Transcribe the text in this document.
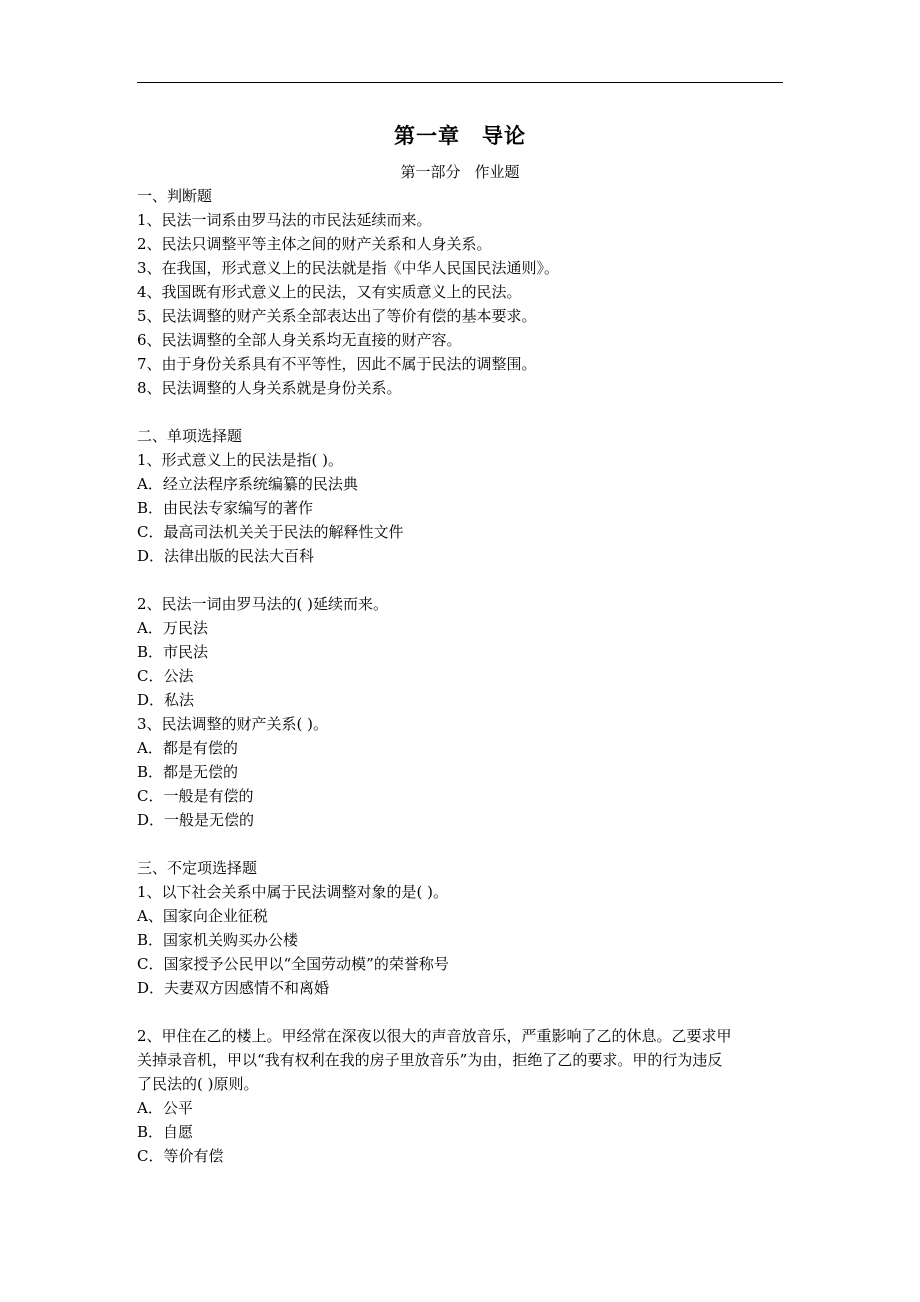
第一章 导论
第一部分 作业题
一、判断题
1、民法一词系由罗马法的市民法延续而来。
2、民法只调整平等主体之间的财产关系和人身关系。
3、在我国，形式意义上的民法就是指《中华人民国民法通则》。
4、我国既有形式意义上的民法，又有实质意义上的民法。
5、民法调整的财产关系全部表达出了等价有偿的基本要求。
6、民法调整的全部人身关系均无直接的财产容。
7、由于身份关系具有不平等性，因此不属于民法的调整围。
8、民法调整的人身关系就是身份关系。
二、单项选择题
1、形式意义上的民法是指( )。
A．经立法程序系统编纂的民法典
B．由民法专家编写的著作
C．最高司法机关关于民法的解释性文件
D．法律出版的民法大百科
2、民法一词由罗马法的( )延续而来。
A．万民法
B．市民法
C．公法
D．私法
3、民法调整的财产关系( )。
A．都是有偿的
B．都是无偿的
C．一般是有偿的
D．一般是无偿的
三、不定项选择题
1、以下社会关系中属于民法调整对象的是( )。
A、国家向企业征税
B．国家机关购买办公楼
C．国家授予公民甲以“全国劳动模”的荣誉称号
D．夫妻双方因感情不和离婚
2、甲住在乙的楼上。甲经常在深夜以很大的声音放音乐，严重影响了乙的休息。乙要求甲
关掉录音机，甲以“我有权利在我的房子里放音乐”为由，拒绝了乙的要求。甲的行为违反
了民法的( )原则。
A．公平
B．自愿
C．等价有偿
